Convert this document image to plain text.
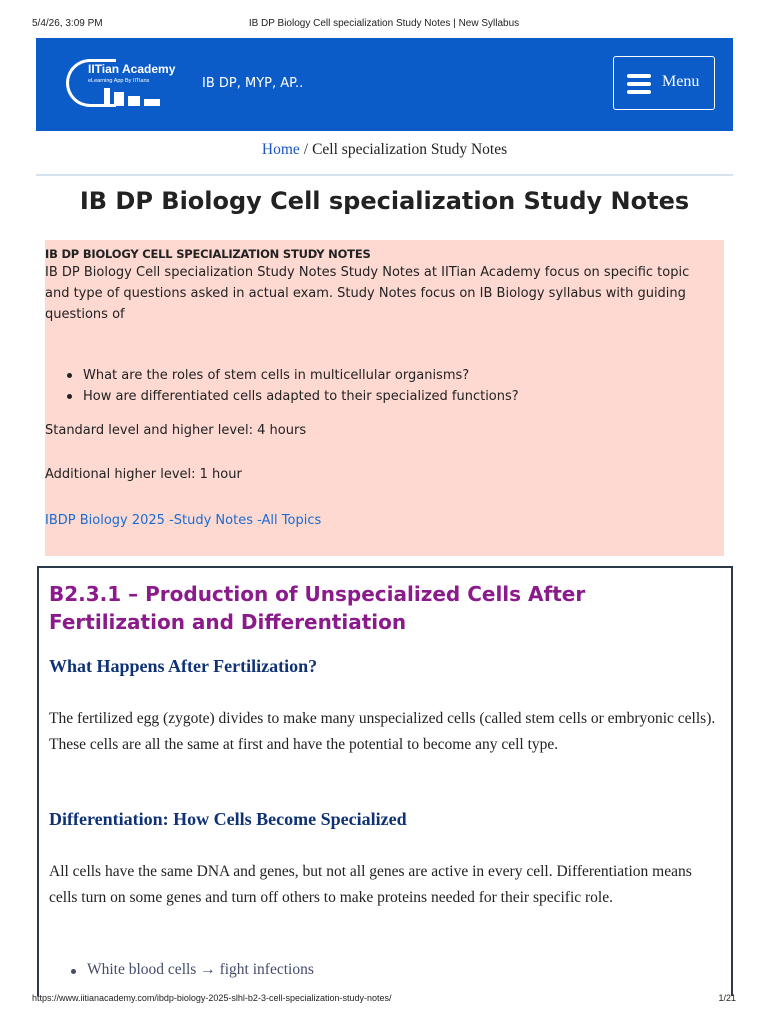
5/4/26, 3:09 PM	IB DP Biology Cell specialization Study Notes | New Syllabus
IITian Academy
eLearning App By IITians	IB DP, MYP, AP..	Menu
Home / Cell specialization Study Notes
IB DP Biology Cell specialization Study Notes
IB DP BIOLOGY CELL SPECIALIZATION STUDY NOTES
IB DP Biology Cell specialization Study Notes Study Notes at IITian Academy focus on specific topic and type of questions asked in actual exam. Study Notes focus on IB Biology syllabus with guiding questions of
What are the roles of stem cells in multicellular organisms?
How are differentiated cells adapted to their specialized functions?
Standard level and higher level: 4 hours
Additional higher level: 1 hour
IBDP Biology 2025 -Study Notes -All Topics
B2.3.1 – Production of Unspecialized Cells After Fertilization and Differentiation
What Happens After Fertilization?

The fertilized egg (zygote) divides to make many unspecialized cells (called stem cells or embryonic cells). These cells are all the same at first and have the potential to become any cell type.

Differentiation: How Cells Become Specialized

All cells have the same DNA and genes, but not all genes are active in every cell. Differentiation means cells turn on some genes and turn off others to make proteins needed for their specific role.

White blood cells → fight infections
https://www.iitianacademy.com/ibdp-biology-2025-slhl-b2-3-cell-specialization-study-notes/	1/21
